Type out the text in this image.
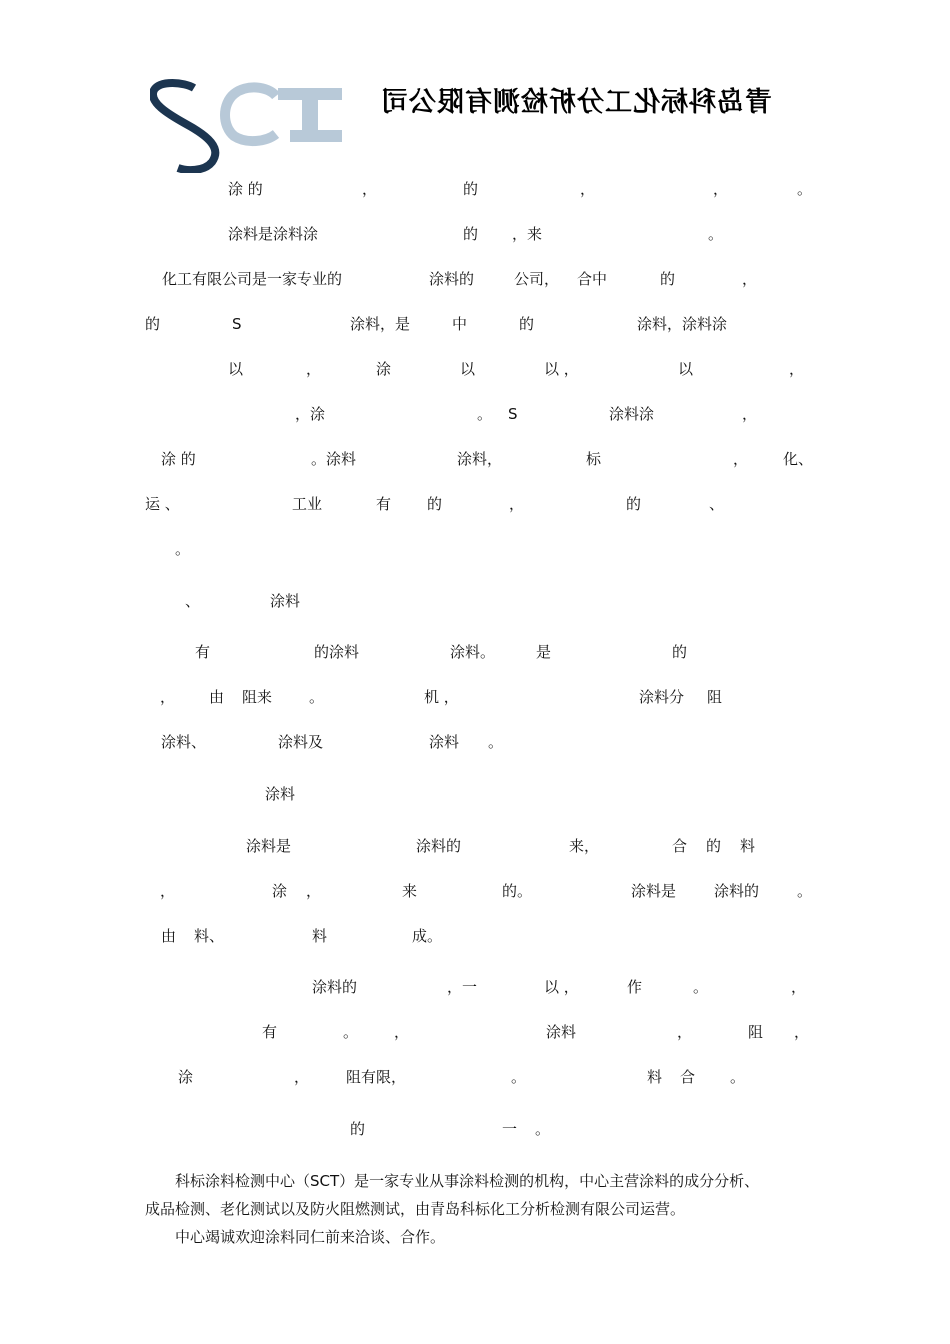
青岛科标化工分析检测有限公司
涂 的	，	的	，	，	。
涂料是涂料涂	的 ，来	。
化工有限公司是一家专业的	涂料的	公司， 合中	的	，
的	S	涂料，是	中	的	涂料，涂料涂
以	，	涂	以	以 ，	以	，
，涂	。 S	涂料涂	，
涂 的	。涂料	涂料，	标	， 化、
运 、	工业	有 的	，	的	、
。
、	涂料
有	的涂料	涂料。	是	的
， 由 阻来 。	机 ，	涂料分 阻
涂料、	涂料及	涂料 。
涂料
涂料是	涂料的	来，	合 的 料
，	涂 ，	来	的。	涂料是	涂料的	。
由 料、	料	成。
涂料的	，一	以 ，	作	。	，
有	。 ，	涂料	，	阻 ，
涂	， 阻有限，	。	料 合 。
的	一 。
　　科标涂料检测中心（SCT）是一家专业从事涂料检测的机构，中心主营涂料的成分分析、
成品检测、老化测试以及防火阻燃测试，由青岛科标化工分析检测有限公司运营。
　　中心竭诚欢迎涂料同仁前来洽谈、合作。
